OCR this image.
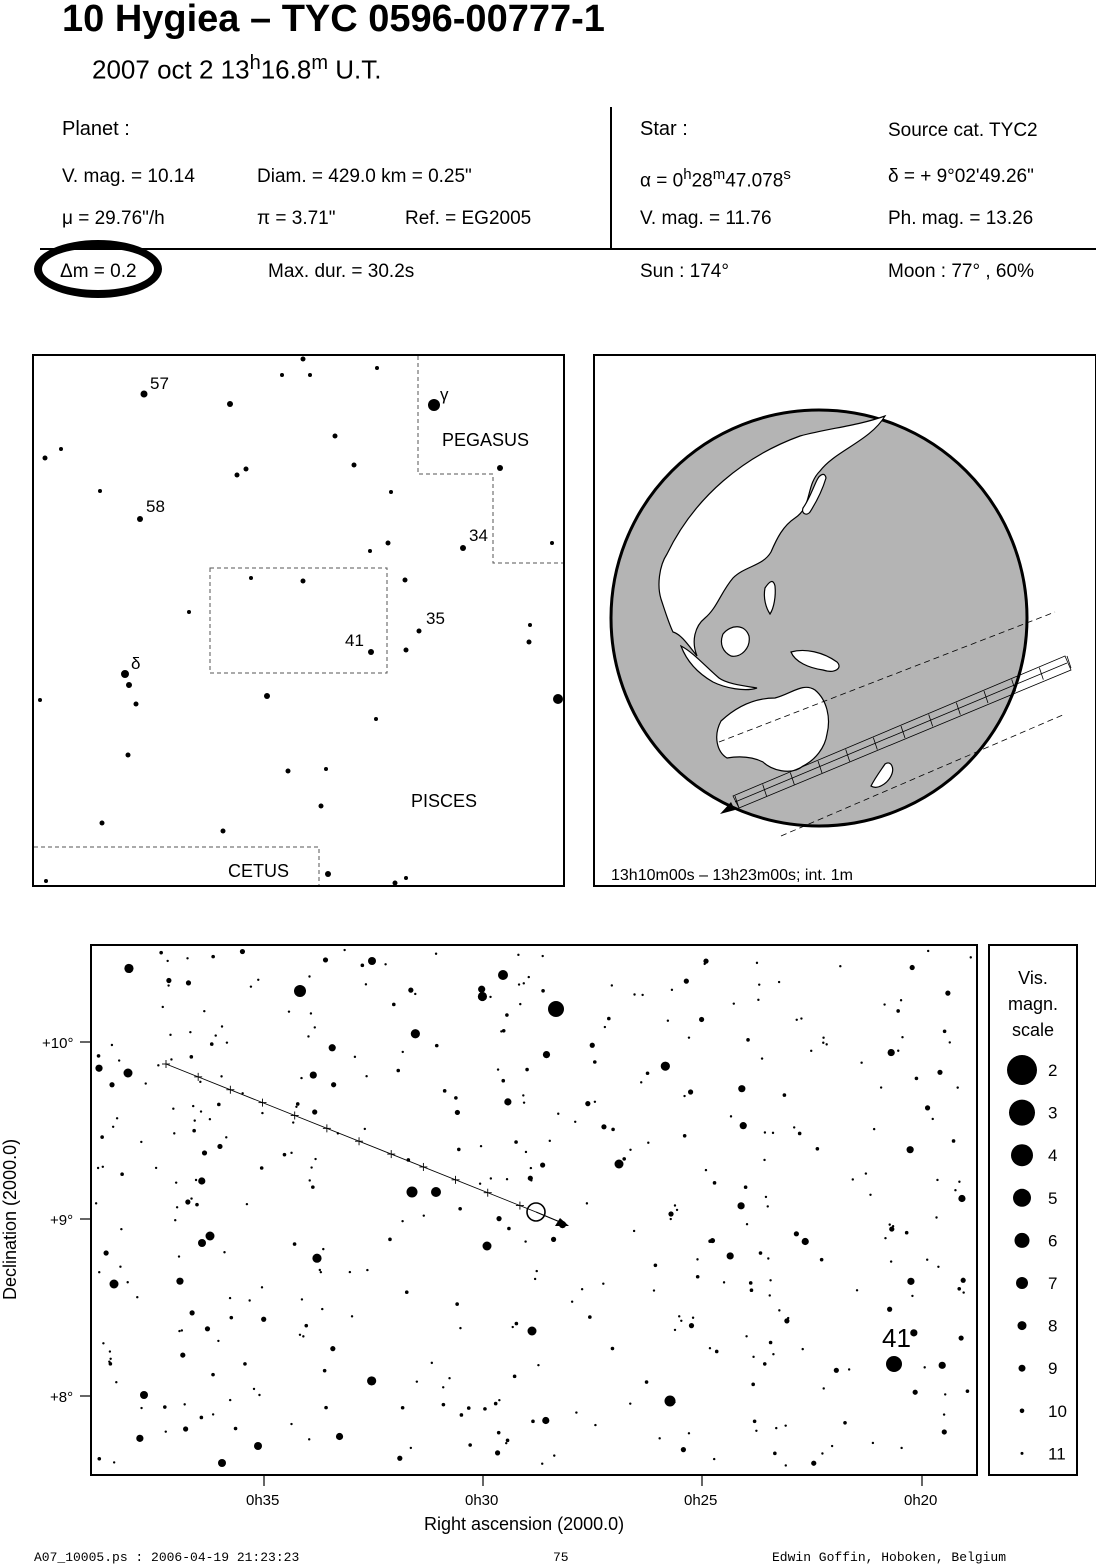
10 Hygiea – TYC 0596-00777-1
2007 oct 2 13$^h$16.8$^m$ U.T.
Planet :
V. mag. = 10.14	Diam. = 429.0 km = 0.25"
μ = 29.76"/h	π = 3.71"	Ref. = EG2005
Star :	Source cat. TYC2
$\alpha = 0^h28^m47.078^s$	δ = + 9°02'49.26"
V. mag. = 11.76	Ph. mag. = 13.26
Δm = 0.2	Max. dur. = 30.2s	Sun : 174°	Moon : 77° , 60%
57
58
34
35
41
γ
δ
PEGASUS
PISCES
CETUS	13h10m00s – 13h23m00s; int. 1m
41
+10°
+9°
+8°
0h35	0h30	0h25	0h20
Right ascension (2000.0)
Declination (2000.0)
Vis.
magn.
scale
2
3
4
5
6
7
8
9
10
11
A07_10005.ps : 2006-04-19 21:23:23	75	Edwin Goffin, Hoboken, Belgium
